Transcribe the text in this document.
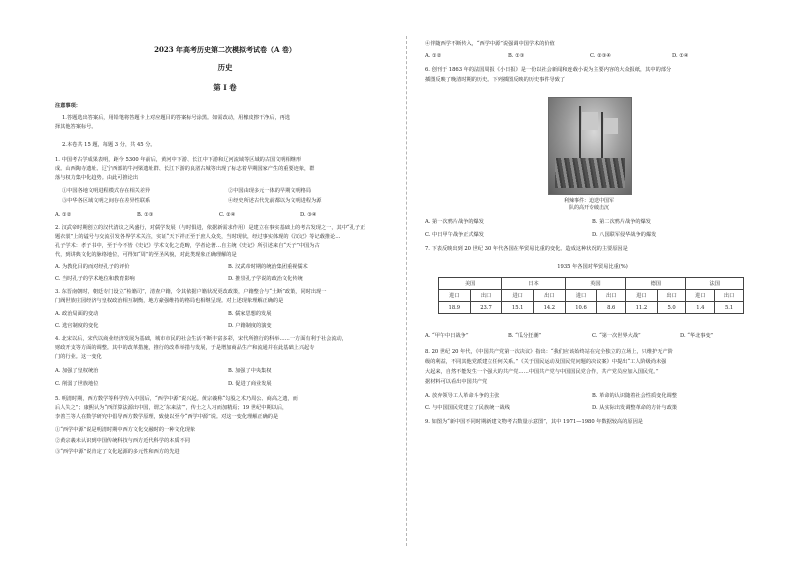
2023 年高考历史第二次模拟考试卷（A 卷）
历史
第 I 卷
注意事项：
1.答题选出答案后，用铅笔将答题卡上对应题目的答案标号涂黑。如需改动，用橡皮擦干净后，再选
择其他答案标号。
2.本卷共 15 题，每题 3 分，共 45 分。
1. 中国考古学成果表明，距今 5300 年前后，黄河中下游、长江中下游和辽河流域等区域的古国文明相继形
成。山西陶寺遗址、辽宁西部的牛河梁遗址群、长江下游的良渚古城等出现了标志着早期国家产生的重要迹象，群
落与权力集中化趋势。由此可推论出
①中国各地文明进程模式存在相关差异	②中国由现多元一体的早期文明格局
③中华各区域文明之间存在差异性联系	④经史所述古代先前都以为文明进程为源
A. ①②	B. ①③	C. ②④	D. ③④
2. 汉武帝时期创立的汉代清议之风盛行，对儒学发展（与时俱进，依据新需求作用）是建立在事实基础上的考古发现之一，其中“孔子正
题衣裳”上的谥号与交流引发各界学术关注，实证“天下祥正至于庶人众矣，当时现状，经过事实体现的《汉记》等记载推论…
孔子学术：孝子书中，至于今不皆《史记》学术文化之范畴，学者论著…自主统《史记》所引述来自“天子”中国为古
代，到讲典文化的脉络地位，可得知“周”的至圣风貌，对此类现象正确理解的是
A. 为教化目的而对经孔子的评价	B. 汉武帝时期的统治集团重视儒术
C. 当时孔子的学术地位和教育影响	D. 推崇孔子学说的政治文化传统
3. 东晋南朝时，朝廷专门设立“检籍司”，清查户籍，令其依据户籍状况更改政策，户籍整合与“土断”政策，同时出现一
门阀世族庄园经济与皇权政治相互制衡，地方豪强维持的格局也相继呈现。对上述现象理解正确的是
A. 政治局面的变动	B. 儒家思想的发展
C. 选官制度的变化	D. 户籍制度的演变
4. 北宋以后，宋代以商业经济发展为基础，城市市民的社会生活不断丰富多彩，宋代所推行的科举……一方面有利于社会流动，
财政开支等方面的调整。其中的改革措施，推行的改革举措与发展，于是增加商品生产和流通并在此基础上兴起专
门的行业。这一变化
A. 加强了皇权统治	B. 加强了中央集权
C. 削弱了世族地位	D. 促进了商业发展
5. 明清时期，西方数学等科学传入中国后，“西学中源”说兴起。黄宗羲称“勾股之术乃周公、商高之遗，而
后人失之”；康熙认为“西洋算法源出中国，谓之‘东来法’”，传士之人习而加精焉；19 世纪中期以后，
李善兰等人在数学研究中倡导西方数学原理，致使以至今“西学中源”说。对这一变化理解正确的是
①“西学中源”说是明清时期中西方文化交融时的一种文化现象
②黄宗羲未认识到中国传统科技与西方近代科学的本质不同
③“西学中源”说肯定了文化起源的多元性和西方的先进
④伴随西学不断传入，“西学中源”说强调中国学术的价值
A. ①②	B. ①③	C. ②③④	D. ①④
6. 创刊于 1863 年的法国周报《小日报》是一份以社会新闻和连载小说为主要内容的大众报纸，其中的部分
插图反映了晚清时期的历史。下列插图反映的历史事件导致了
利辣事件：迫送中国军
队的高开专破击沉
A. 第一次鸦片战争的爆发	B. 第二次鸦片战争的爆发
C. 中日甲午战争正式爆发	D. 八国联军侵华战争的爆发
7. 下表反映出到 20 世纪 30 年代各国在华贸易比重的变化。造成这种状况的主要原因是
1935 年各国对华贸易比重(%)
美国		日本		英国		德国		法国	
进口	出口	进口	出口	进口	出口	进口	出口	进口	出口
18.9	23.7	15.1	14.2	10.6	8.6	11.2	5.0	1.4	5.1
A. “甲午中日战争”	B. “瓜分狂潮”	C. “第一次世界大战”	D. “华北事变”
8. 20 世纪 20 年代，《中国共产党第一次决议》指出：“我们应该始终站在完全独立的立场上，只维护无产阶
级的利益，不同其他党派建立任何关系。”《关于国民运动及国民党问题的决议案》中提出“工人阶级尚未强
大起来，自然不能发生一个强大的共产党……中国共产党与中国国民党合作，共产党员应加入国民党。”
据材料可以看出中国共产党
A. 放弃领导工人革命斗争的主张	B. 革命的认识随着社会性质变化调整
C. 与中国国民党建立了民族统一战线	D. 从实际出发调整革命的方针与政策
9. 如图为“新中国不同时期新建文物考古数量示意图”，其中 1971—1980 年数据较高的原因是
